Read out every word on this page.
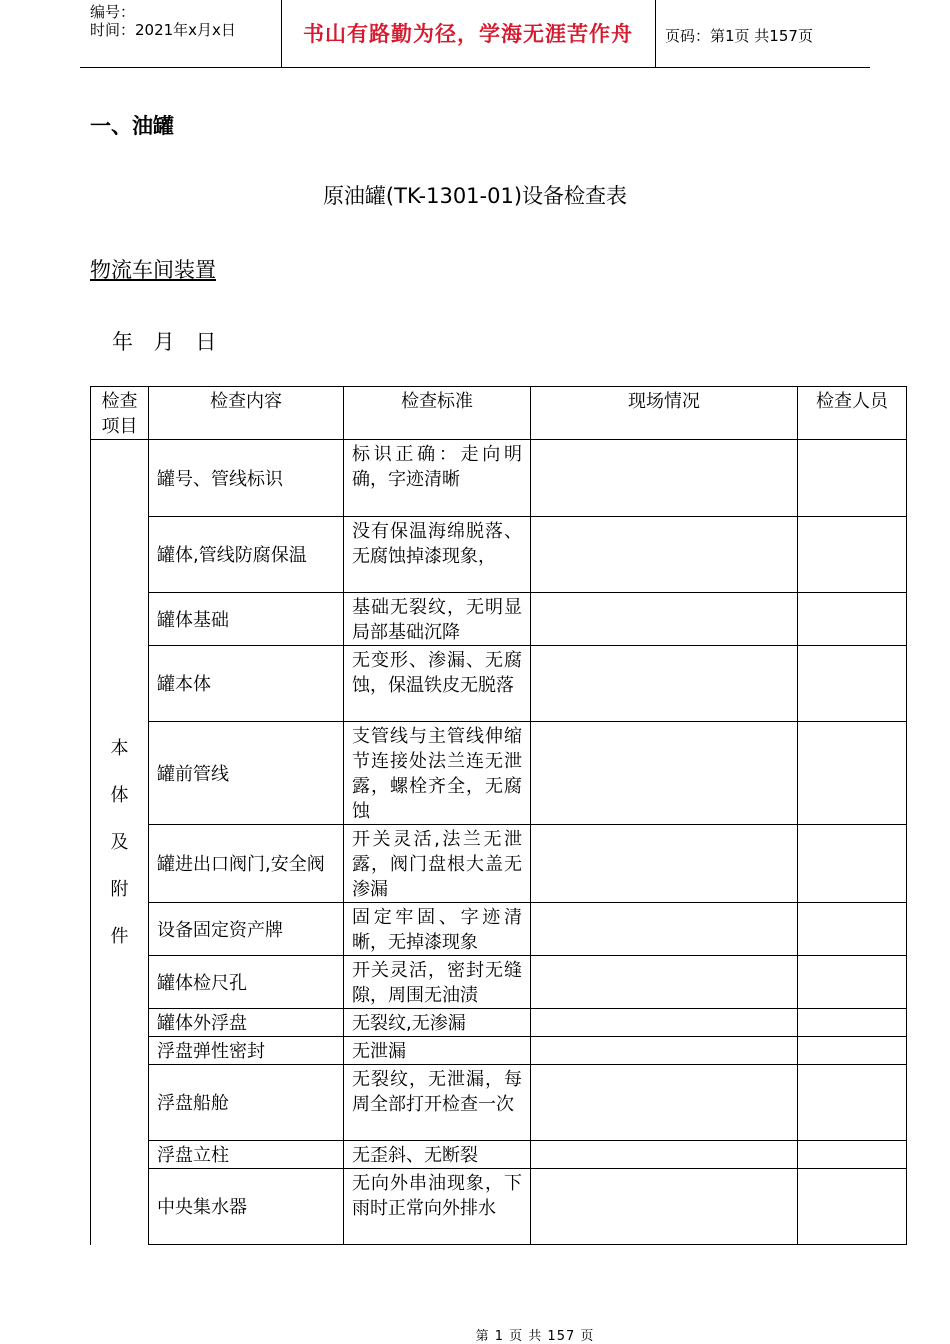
编号：
时间：2021年x月x日	书山有路勤为径，学海无涯苦作舟	页码：第1页 共157页
一、油罐
原油罐(TK-1301-01)设备检查表
物流车间装置
年 月 日
检查项目	检查内容	检查标准	现场情况	检查人员

本
体
及
附
件	罐号、管线标识	标识正确：走向明确，字迹清晰		
	罐体,管线防腐保温	没有保温海绵脱落、无腐蚀掉漆现象，		
	罐体基础	基础无裂纹，无明显局部基础沉降		
	罐本体	无变形、渗漏、无腐蚀，保温铁皮无脱落		
	罐前管线	支管线与主管线伸缩节连接处法兰连无泄露，螺栓齐全，无腐蚀		
	罐进出口阀门,安全阀	开关灵活,法兰无泄露，阀门盘根大盖无渗漏		
	设备固定资产牌	固定牢固、字迹清晰，无掉漆现象		
	罐体检尺孔	开关灵活，密封无缝隙，周围无油渍		
	罐体外浮盘	无裂纹,无渗漏		
	浮盘弹性密封	无泄漏		
	浮盘船舱	无裂纹，无泄漏，每周全部打开检查一次		
	浮盘立柱	无歪斜、无断裂		
	中央集水器	无向外串油现象，下雨时正常向外排水		
第 1 页 共 157 页
